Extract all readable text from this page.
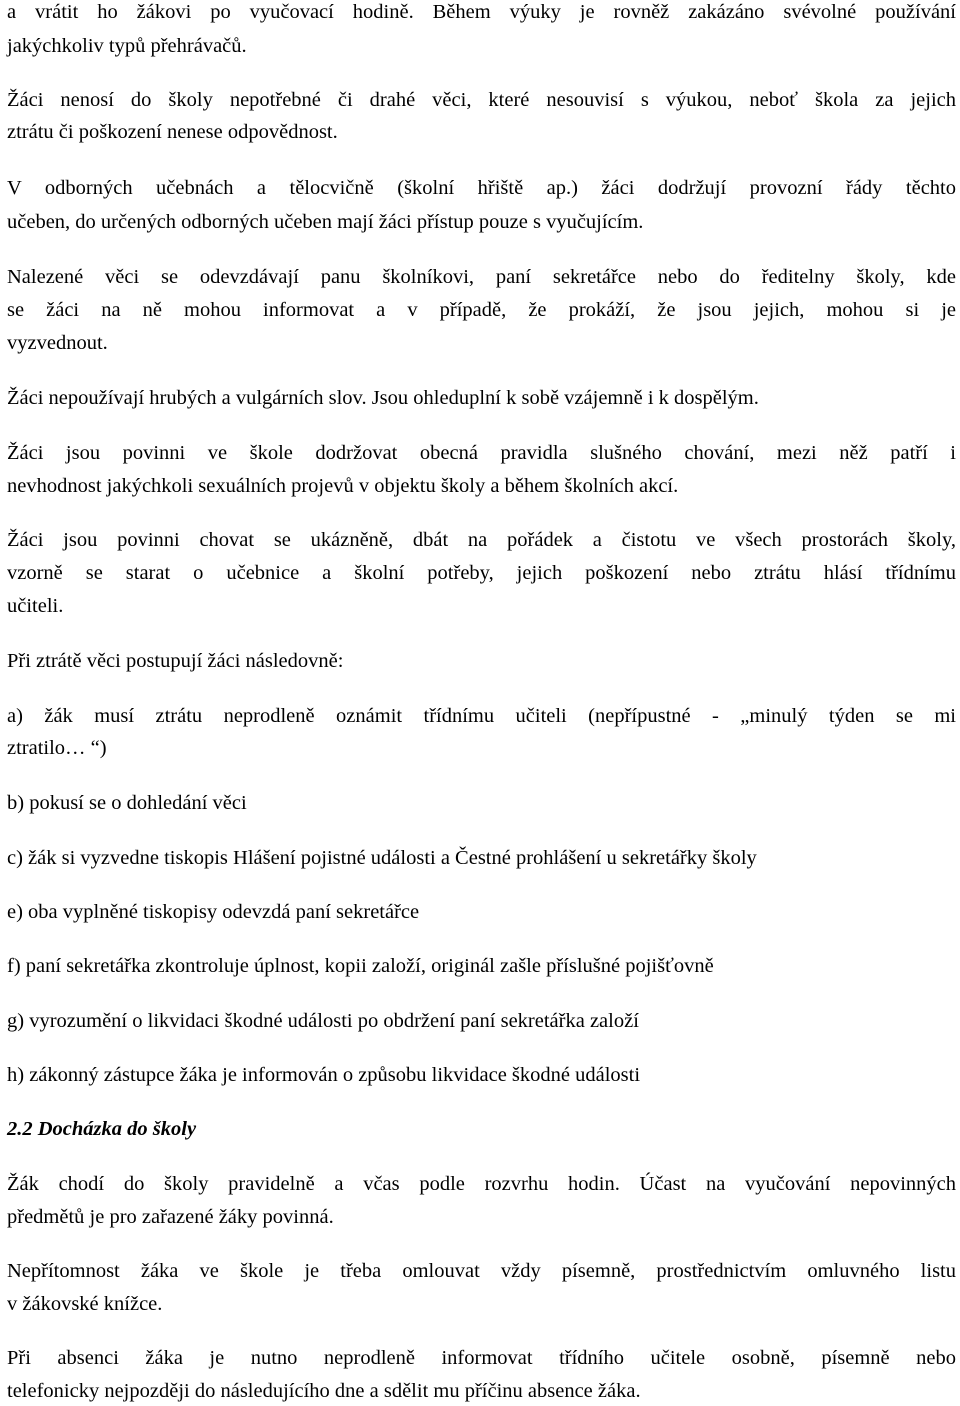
a vrátit ho žákovi po vyučovací hodině. Během výuky je rovněž zakázáno svévolné používání
jakýchkoliv typů přehrávačů.
Žáci nenosí do školy nepotřebné či drahé věci, které nesouvisí s výukou, neboť škola za jejich
ztrátu či poškození nenese odpovědnost.
V odborných učebnách a tělocvičně (školní hřiště ap.) žáci dodržují provozní řády těchto
učeben, do určených odborných učeben mají žáci přístup pouze s vyučujícím.
Nalezené věci se odevzdávají panu školníkovi, paní sekretářce nebo do ředitelny školy, kde
se žáci na ně mohou informovat a v případě, že prokáží, že jsou jejich, mohou si je
vyzvednout.
Žáci nepoužívají hrubých a vulgárních slov. Jsou ohleduplní k sobě vzájemně i k dospělým.
Žáci jsou povinni ve škole dodržovat obecná pravidla slušného chování, mezi něž patří i
nevhodnost jakýchkoli sexuálních projevů v objektu školy a během školních akcí.
Žáci jsou povinni chovat se ukázněně, dbát na pořádek a čistotu ve všech prostorách školy,
vzorně se starat o učebnice a školní potřeby, jejich poškození nebo ztrátu hlásí třídnímu
učiteli.
Při ztrátě věci postupují žáci následovně:
a) žák musí ztrátu neprodleně oznámit třídnímu učiteli (nepřípustné - „minulý týden se mi
ztratilo… “)
b) pokusí se o dohledání věci
c) žák si vyzvedne tiskopis Hlášení pojistné události a Čestné prohlášení u sekretářky školy
e) oba vyplněné tiskopisy odevzdá paní sekretářce
f) paní sekretářka zkontroluje úplnost, kopii založí, originál zašle příslušné pojišťovně
g) vyrozumění o likvidaci škodné události po obdržení paní sekretářka založí
h) zákonný zástupce žáka je informován o způsobu likvidace škodné události
2.2 Docházka do školy
Žák chodí do školy pravidelně a včas podle rozvrhu hodin. Účast na vyučování nepovinných
předmětů je pro zařazené žáky povinná.
Nepřítomnost žáka ve škole je třeba omlouvat vždy písemně, prostřednictvím omluvného listu
v žákovské knížce.
Při absenci žáka je nutno neprodleně informovat třídního učitele osobně, písemně nebo
telefonicky nejpozději do následujícího dne a sdělit mu příčinu absence žáka.
